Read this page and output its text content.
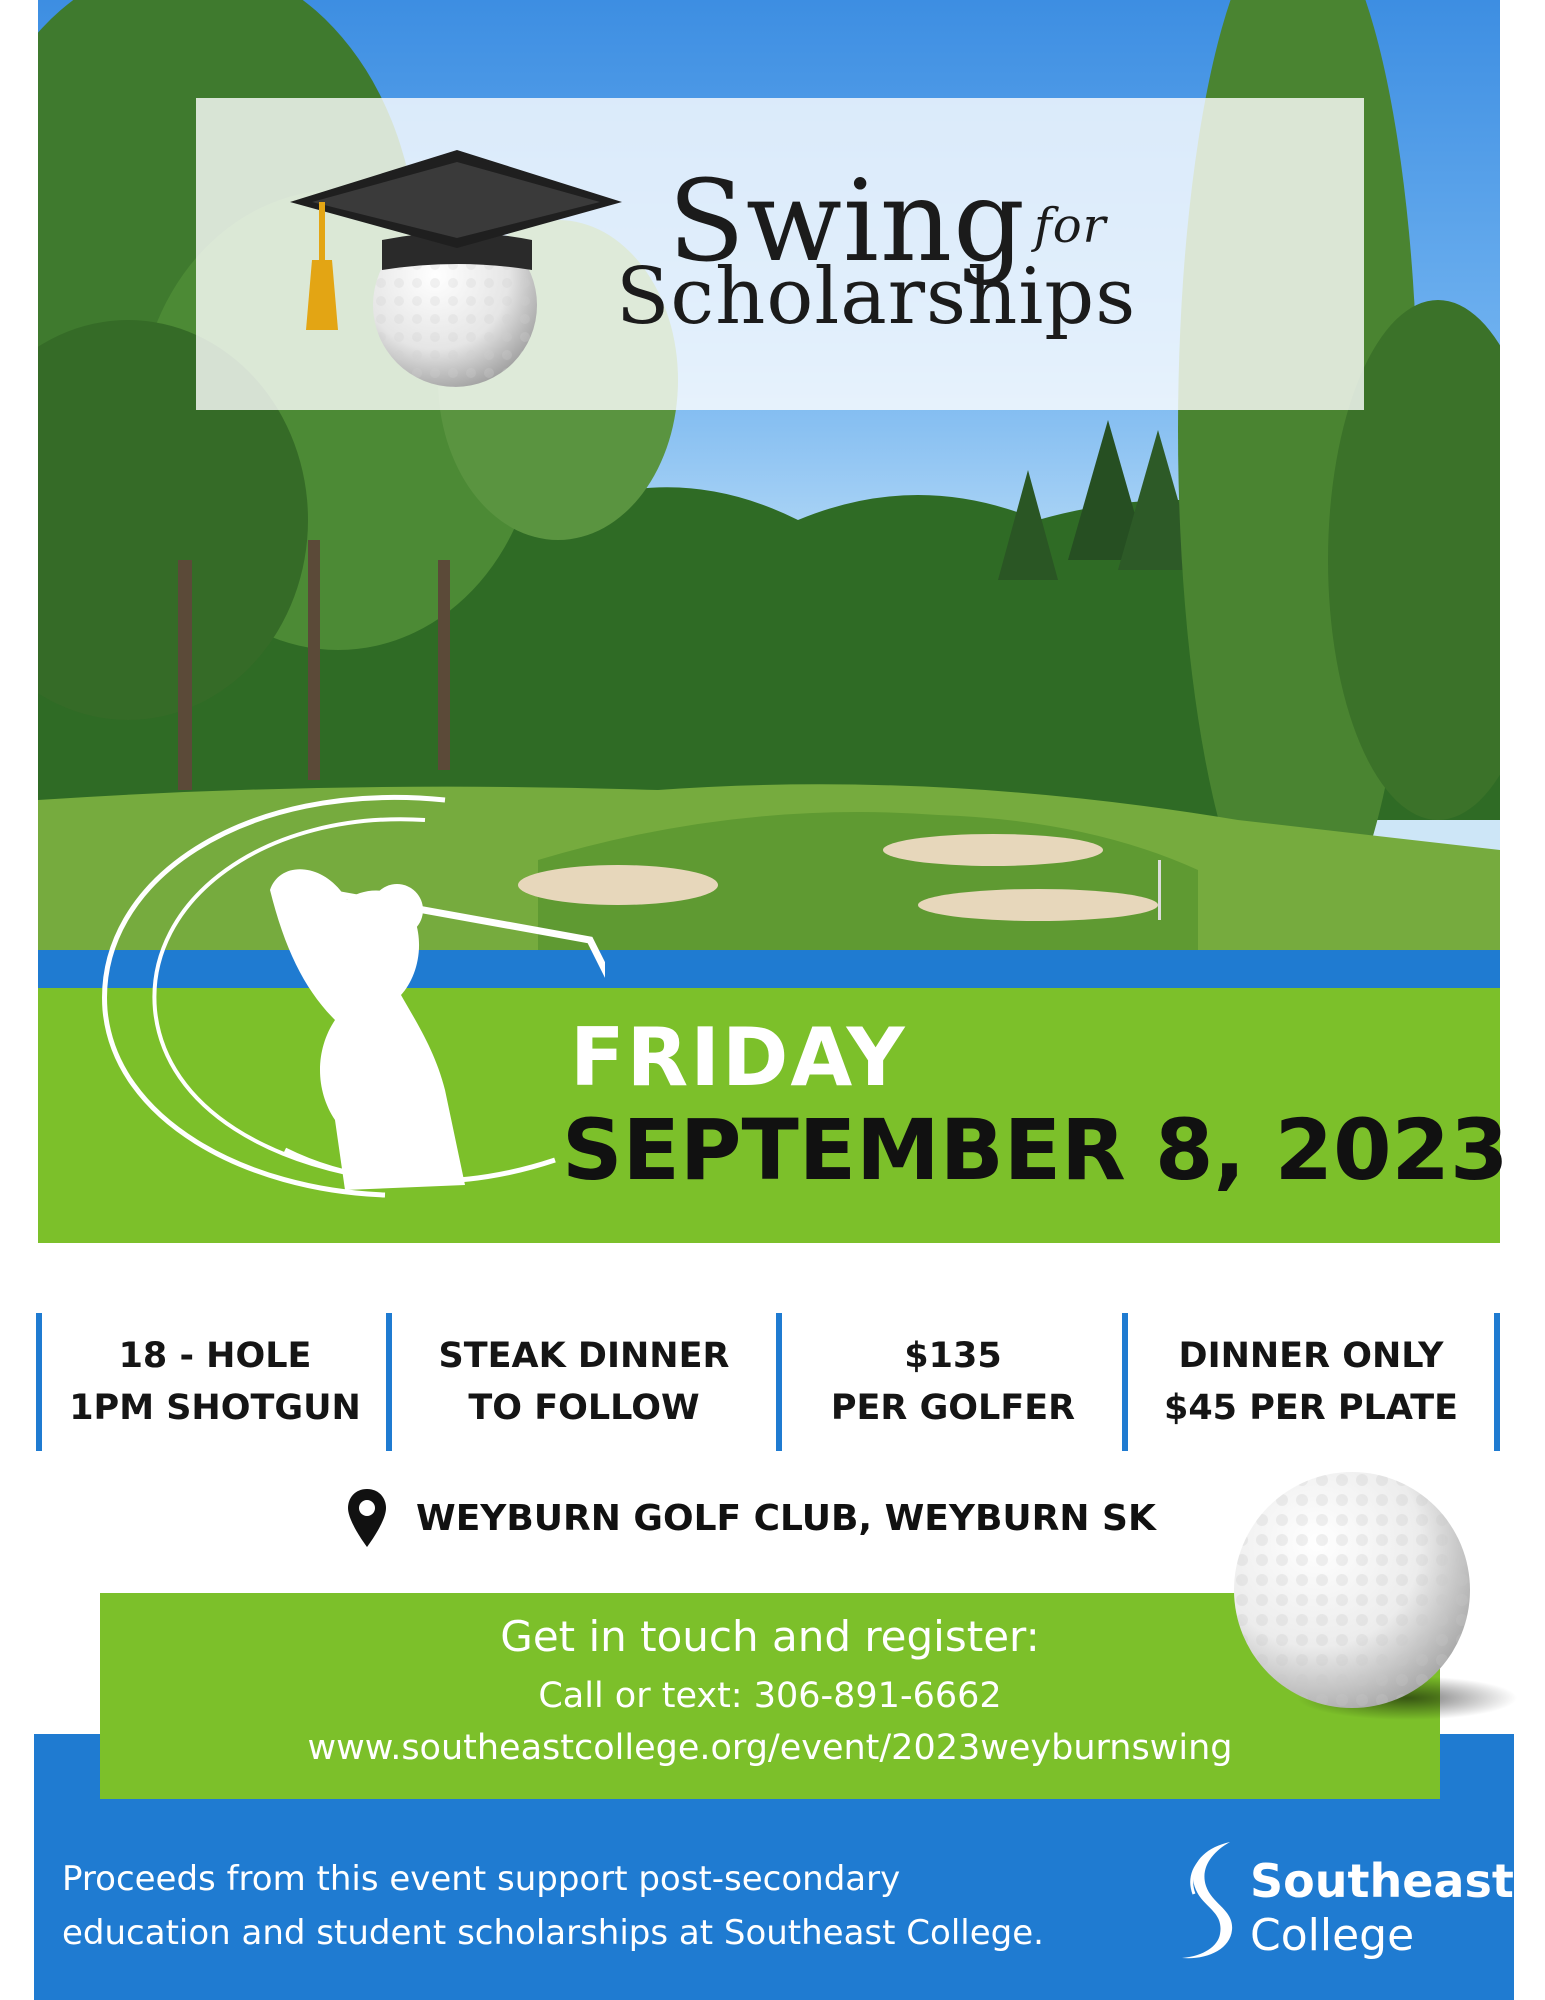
Swing for
Scholarships
FRIDAY
SEPTEMBER 8, 2023
18 - HOLE
1PM SHOTGUN
STEAK DINNER
TO FOLLOW
$135
PER GOLFER
DINNER ONLY
$45 PER PLATE
WEYBURN GOLF CLUB, WEYBURN SK
Proceeds from this event support post-secondary
education and student scholarships at Southeast College.
Southeast
College
Get in touch and register:
Call or text: 306-891-6662
www.southeastcollege.org/event/2023weyburnswing
